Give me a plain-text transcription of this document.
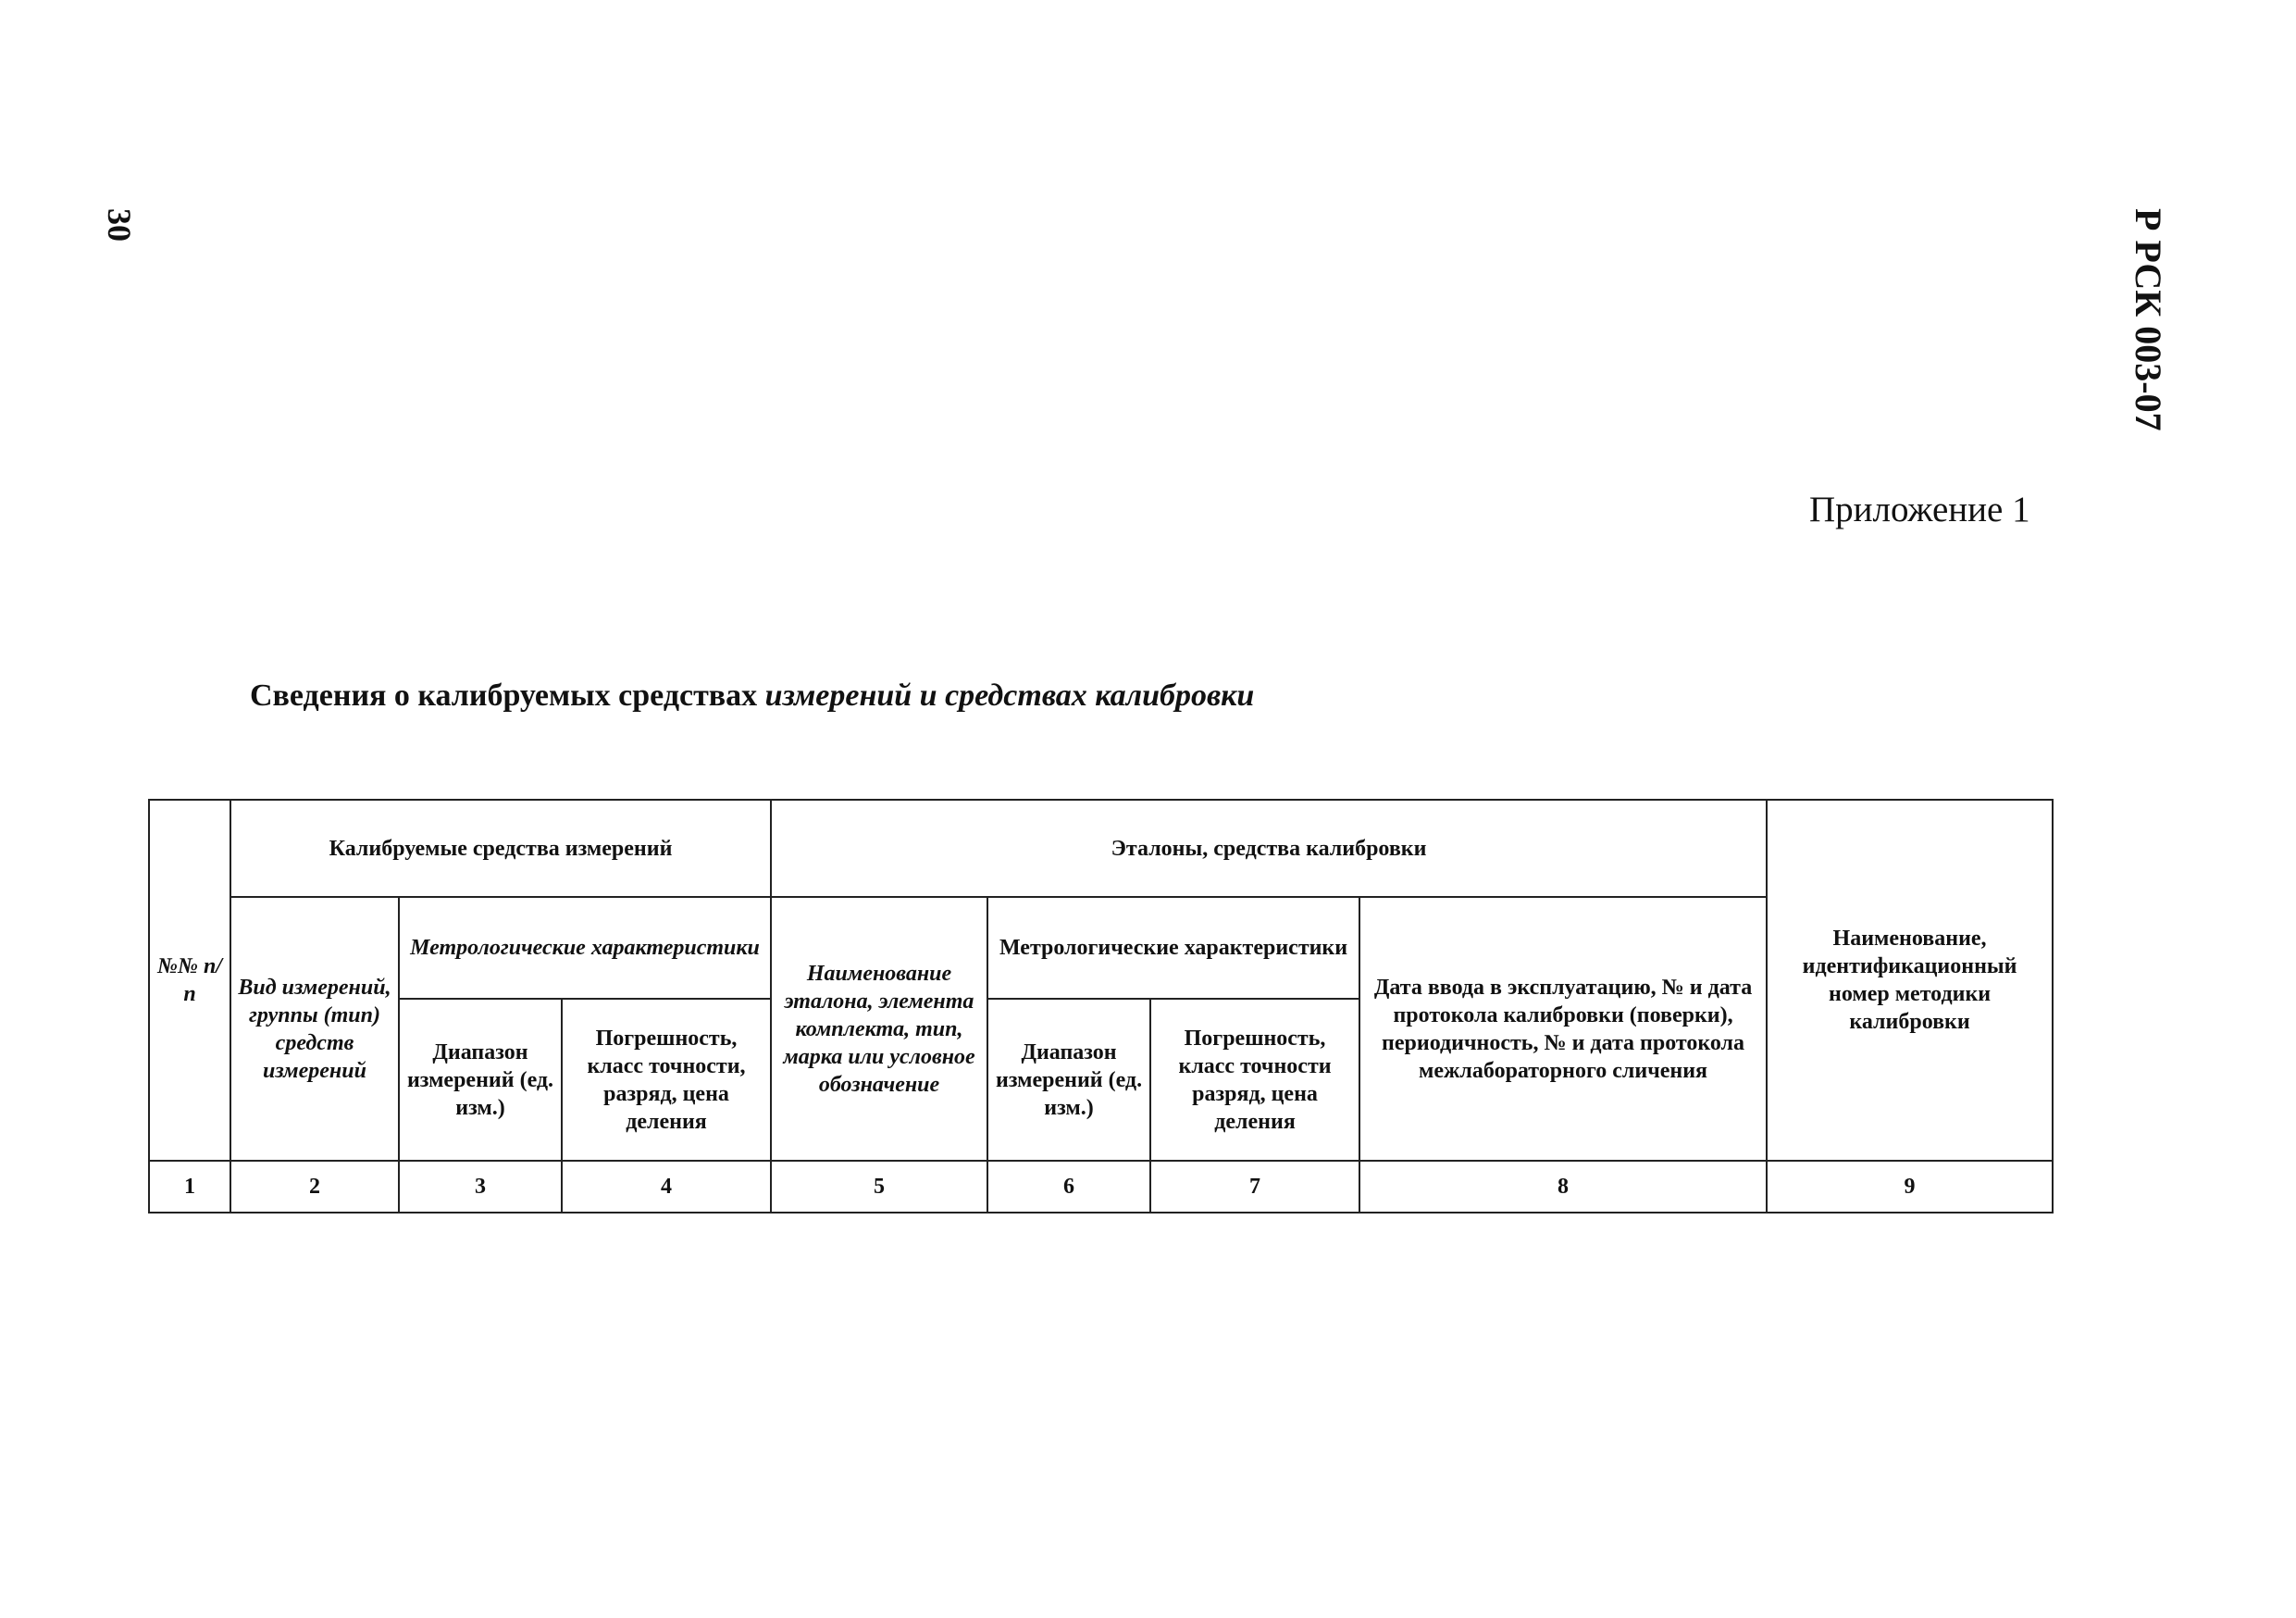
30	Р РСК 003-07
Приложение 1
Сведения о калибруемых средствах измерений и средствах калибровки
№№ п/п	Калибруемые средства измерений			Эталоны, средства калибровки				Наименование, идентификационный номер методики калибровки
	Вид измерений, группы (тип) средств измерений	Метрологические характеристики		Наименование эталона, элемента комплекта, тип, марка или условное обозначение	Метрологические характеристики		Дата ввода в эксплуатацию, № и дата протокола калибровки (поверки), периодичность, № и дата протокола межлабораторного сличения	
		Диапазон измерений (ед. изм.)	Погрешность, класс точности, разряд, цена деления		Диапазон измерений (ед. изм.)	Погрешность, класс точности разряд, цена деления		
1	2	3	4	5	6	7	8	9
